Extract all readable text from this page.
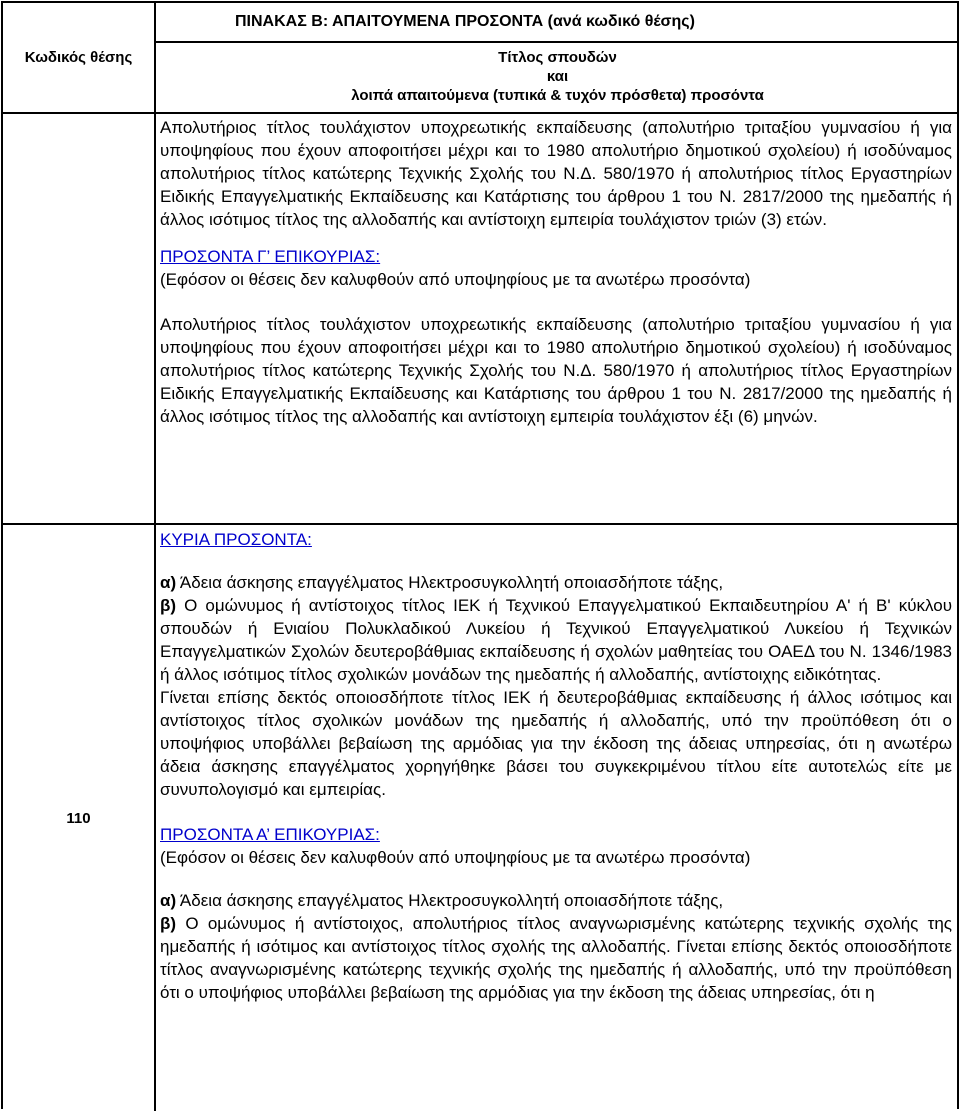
Κωδικός θέσης
ΠΙΝΑΚΑΣ Β: ΑΠΑΙΤΟΥΜΕΝΑ ΠΡΟΣΟΝΤΑ (ανά κωδικό θέσης)
Τίτλος σπουδών
και
λοιπά απαιτούμενα (τυπικά & τυχόν πρόσθετα) προσόντα
110

Απολυτήριος τίτλος τουλάχιστον υποχρεωτικής εκπαίδευσης (απολυτήριο τριταξίου γυμνασίου ή για υποψηφίους που έχουν αποφοιτήσει μέχρι και το 1980 απολυτήριο δημοτικού σχολείου) ή ισοδύναμος απολυτήριος τίτλος κατώτερης Τεχνικής Σχολής του Ν.Δ. 580/1970 ή απολυτήριος τίτλος Εργαστηρίων Ειδικής Επαγγελματικής Εκπαίδευσης και Κατάρτισης του άρθρου 1 του Ν. 2817/2000 της ημεδαπής ή άλλος ισότιμος τίτλος της αλλοδαπής και αντίστοιχη εμπειρία τουλάχιστον τριών (3) ετών.

ΠΡΟΣΟΝΤΑ Γ’ ΕΠΙΚΟΥΡΙΑΣ:

(Εφόσον οι θέσεις δεν καλυφθούν από υποψηφίους με τα ανωτέρω προσόντα)

Απολυτήριος τίτλος τουλάχιστον υποχρεωτικής εκπαίδευσης (απολυτήριο τριταξίου γυμνασίου ή για υποψηφίους που έχουν αποφοιτήσει μέχρι και το 1980 απολυτήριο δημοτικού σχολείου) ή ισοδύναμος απολυτήριος τίτλος κατώτερης Τεχνικής Σχολής του Ν.Δ. 580/1970 ή απολυτήριος τίτλος Εργαστηρίων Ειδικής Επαγγελματικής Εκπαίδευσης και Κατάρτισης του άρθρου 1 του Ν. 2817/2000 της ημεδαπής ή άλλος ισότιμος τίτλος της αλλοδαπής και αντίστοιχη εμπειρία τουλάχιστον έξι (6) μηνών.

ΚΥΡΙΑ ΠΡΟΣΟΝΤΑ:

α) Άδεια άσκησης επαγγέλματος Ηλεκτροσυγκολλητή οποιασδήποτε τάξης,

β) Ο ομώνυμος ή αντίστοιχος τίτλος ΙΕΚ ή Τεχνικού Επαγγελματικού Εκπαιδευτηρίου Α' ή Β' κύκλου σπουδών ή Ενιαίου Πολυκλαδικού Λυκείου ή Τεχνικού Επαγγελματικού Λυκείου ή Τεχνικών Επαγγελματικών Σχολών δευτεροβάθμιας εκπαίδευσης ή σχολών μαθητείας του ΟΑΕΔ του Ν. 1346/1983 ή άλλος ισότιμος τίτλος σχολικών μονάδων της ημεδαπής ή αλλοδαπής, αντίστοιχης ειδικότητας.

Γίνεται επίσης δεκτός οποιοσδήποτε τίτλος ΙΕΚ ή δευτεροβάθμιας εκπαίδευσης ή άλλος ισότιμος και αντίστοιχος τίτλος σχολικών μονάδων της ημεδαπής ή αλλοδαπής, υπό την προϋπόθεση ότι ο υποψήφιος υποβάλλει βεβαίωση της αρμόδιας για την έκδοση της άδειας υπηρεσίας, ότι η ανωτέρω άδεια άσκησης επαγγέλματος χορηγήθηκε βάσει του συγκεκριμένου τίτλου είτε αυτοτελώς είτε με συνυπολογισμό και εμπειρίας.

ΠΡΟΣΟΝΤΑ Α’ ΕΠΙΚΟΥΡΙΑΣ:

(Εφόσον οι θέσεις δεν καλυφθούν από υποψηφίους με τα ανωτέρω προσόντα)

α) Άδεια άσκησης επαγγέλματος Ηλεκτροσυγκολλητή οποιασδήποτε τάξης,

β) Ο ομώνυμος ή αντίστοιχος, απολυτήριος τίτλος αναγνωρισμένης κατώτερης τεχνικής σχολής της ημεδαπής ή ισότιμος και αντίστοιχος τίτλος σχολής της αλλοδαπής. Γίνεται επίσης δεκτός οποιοσδήποτε τίτλος αναγνωρισμένης κατώτερης τεχνικής σχολής της ημεδαπής ή αλλοδαπής, υπό την προϋπόθεση ότι ο υποψήφιος υποβάλλει βεβαίωση της αρμόδιας για την έκδοση της άδειας υπηρεσίας, ότι η
